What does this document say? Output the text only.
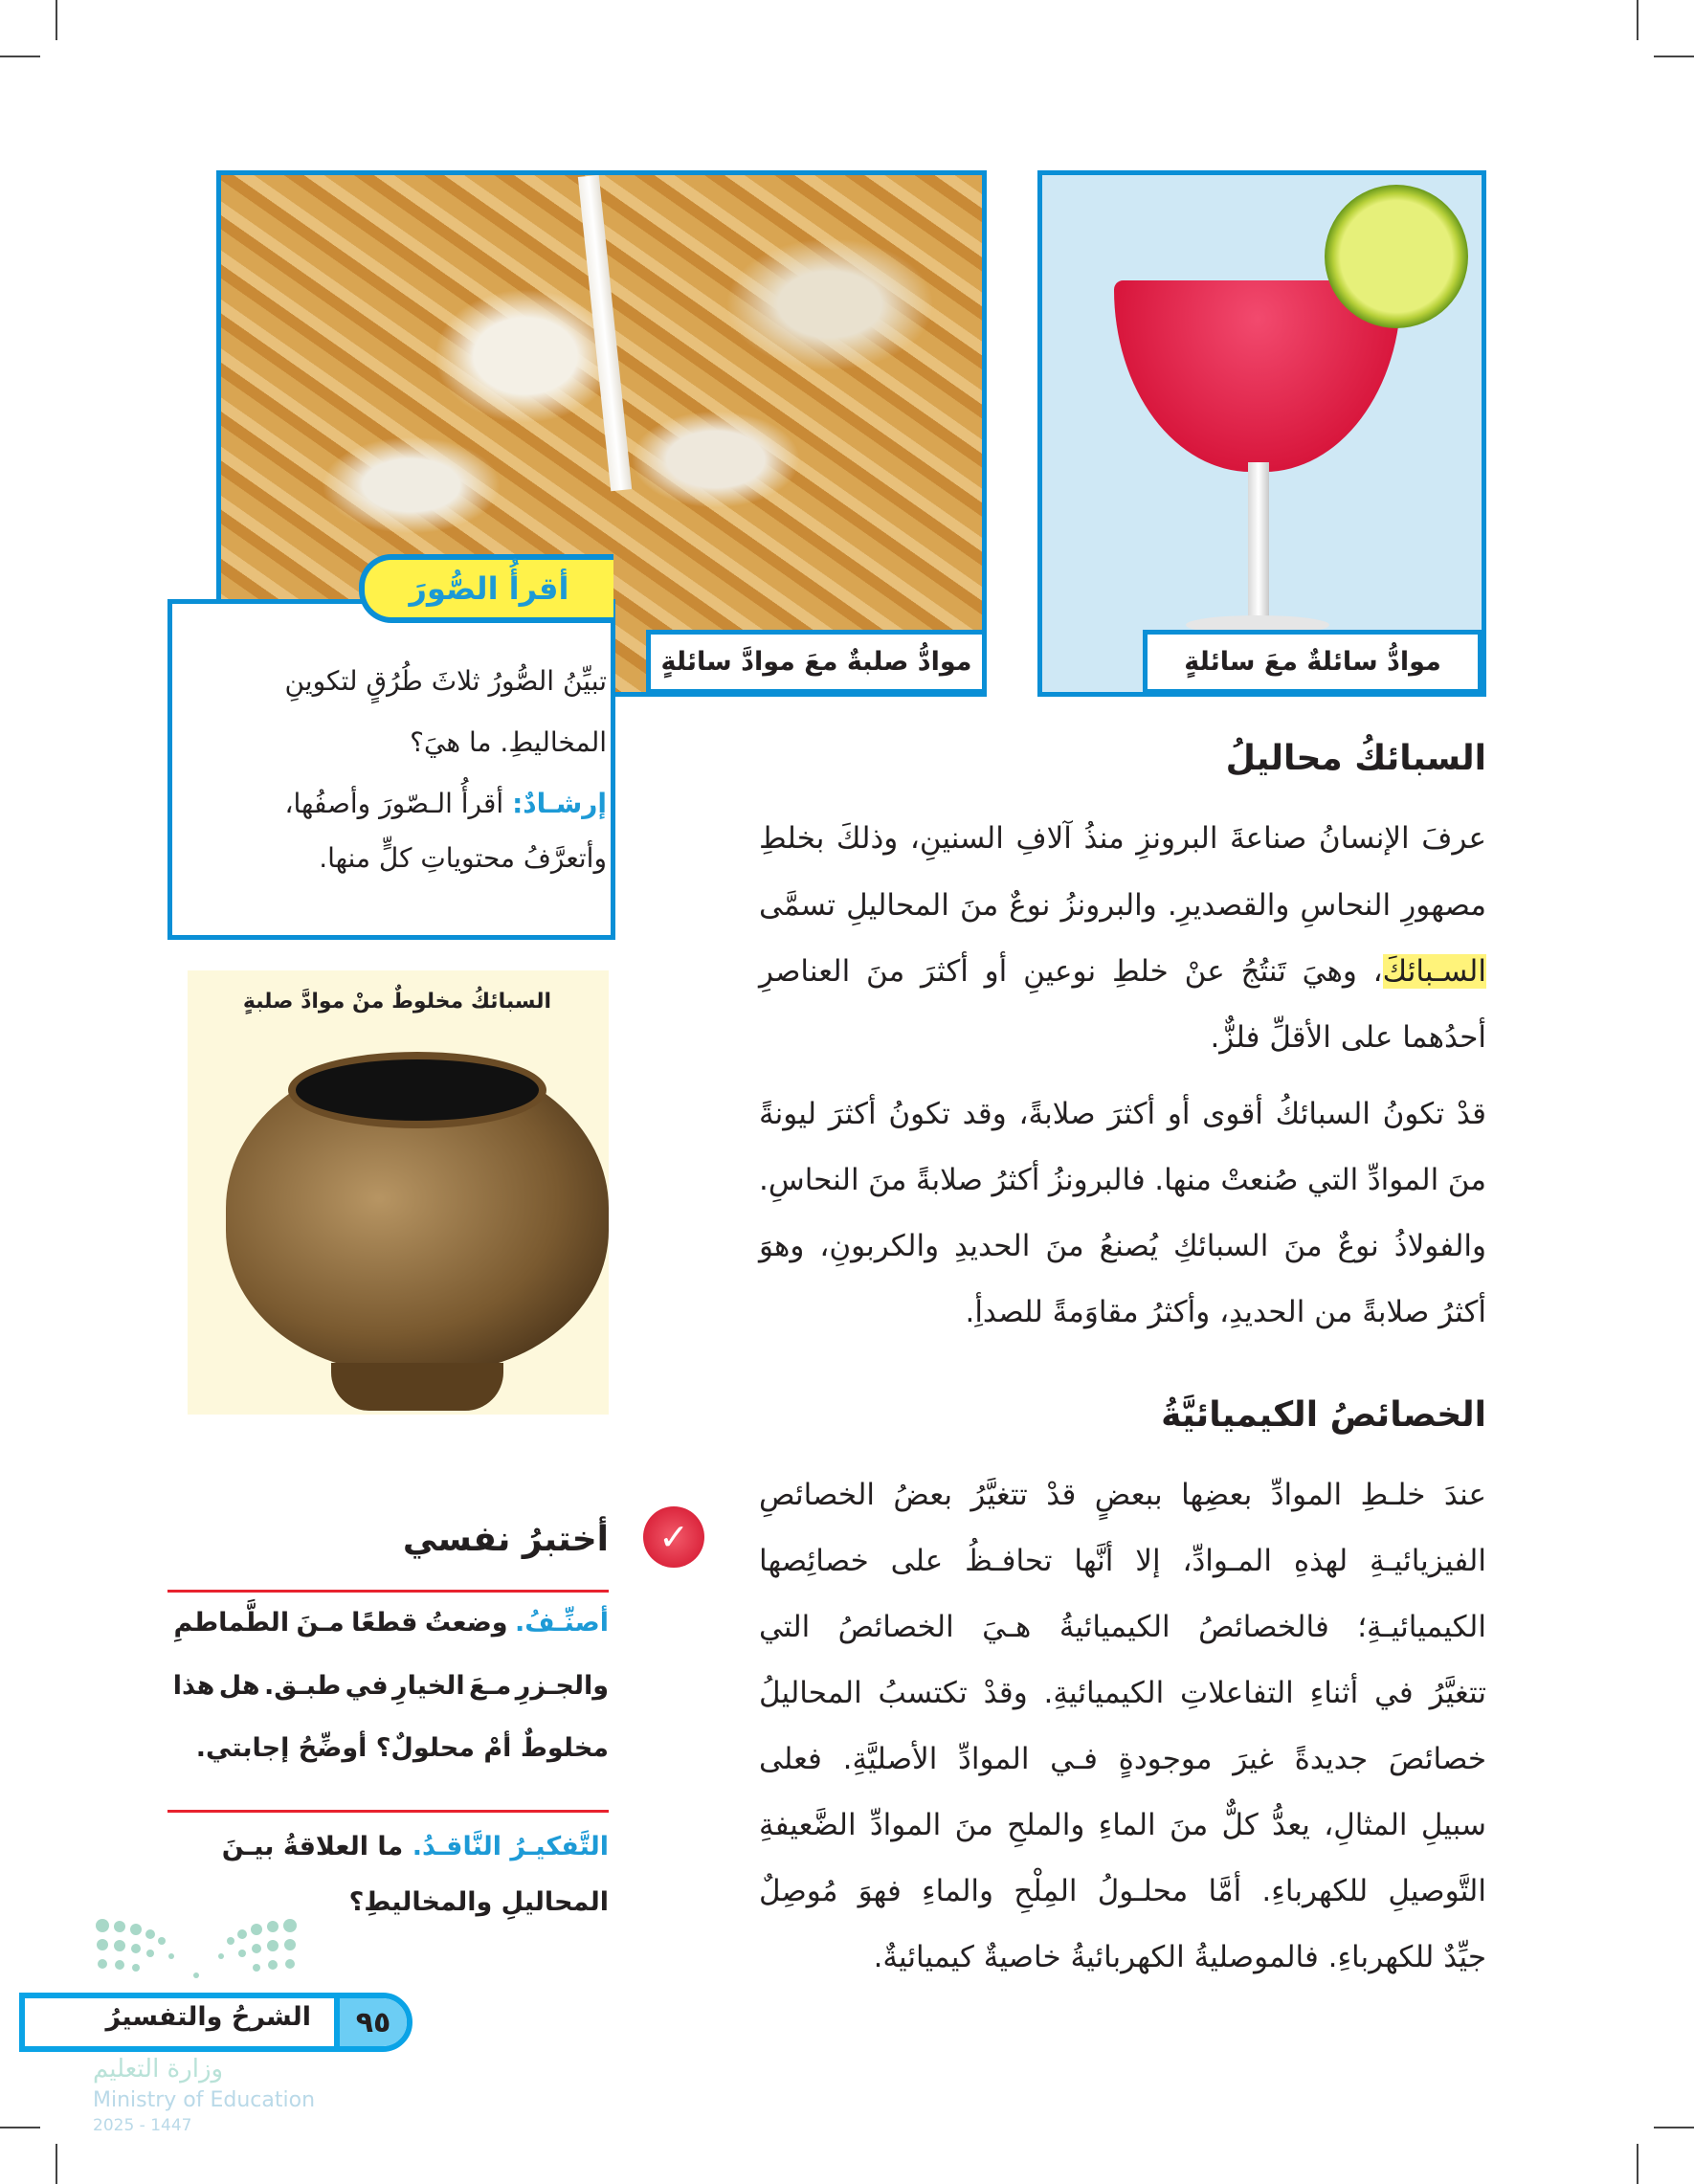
موادُّ صلبةٌ معَ موادَّ سائلةٍ	موادُّ سائلةٌ معَ سائلةٍ
أقرأُ الصُّورَ
تبيِّنُ الصُّورُ ثلاثَ طُرُقٍ لتكوينِ
المخاليطِ. ما هيَ؟
إرشـادٌ: أقرأُ الـصّورَ وأصفُها،
وأتعرَّفُ محتوياتِ كلٍّ منها.
السبائكُ مخلوطٌ منْ موادَّ صلبةٍ
السبائكُ محاليلُ
عرفَ الإنسانُ صناعةَ البرونزِ منذُ آلافِ السنينِ، وذلكَ بخلطِ
مصهورِ النحاسِ والقصديرِ. والبرونزُ نوعٌ منَ المحاليلِ تسمَّى
السـبائكَ، وهيَ تَنتُجُ عنْ خلطِ نوعينِ أو أكثرَ منَ العناصرِ
أحدُهما على الأقلِّ فلزٌّ.
قدْ تكونُ السبائكُ أقوى أو أكثرَ صلابةً، وقد تكونُ أكثرَ ليونةً
منَ الموادِّ التي صُنعتْ منها. فالبرونزُ أكثرُ صلابةً منَ النحاسِ.
والفولاذُ نوعٌ منَ السبائكِ يُصنعُ منَ الحديدِ والكربونِ، وهوَ
أكثرُ صلابةً من الحديدِ، وأكثرُ مقاوَمةً للصدأِ.
الخصائصُ الكيميائيَّةُ
عندَ خلـطِ الموادِّ بعضِها ببعضٍ قدْ تتغيَّرُ بعضُ الخصائصِ
الفيزيائيـةِ لهذهِ المـوادِّ، إلا أنَّها تحافـظُ على خصائِصها
الكيميائيـةِ؛ فالخصائصُ الكيميائيةُ هـيَ الخصائصُ التي
تتغيَّرُ في أثناءِ التفاعلاتِ الكيميائيةِ. وقدْ تكتسبُ المحاليلُ
خصائصَ جديدةً غيرَ موجودةٍ فـي الموادِّ الأصليَّةِ. فعلى
سبيلِ المثالِ، يعدُّ كلٌّ منَ الماءِ والملحِ منَ الموادِّ الضَّعيفةِ
التَّوصيلِ للكهرباءِ. أمَّا محلـولُ المِلْحِ والماءِ فهوَ مُوصِلٌ
جيِّدٌ للكهرباءِ. فالموصليةُ الكهربائيةُ خاصيةٌ كيميائيةٌ.
✓
أختبرُ نفسي
أصنِّـفُ. وضعتُ قطعًا مـنَ الطَّماطمِ
والجـزرِ مـعَ الخيارِ في طبـق. هل هذا
مخلوطٌ أمْ محلولٌ؟ أوضِّحُ إجابتي.
التَّفكيـرُ النَّاقـدُ. ما العلاقةُ بيـنَ
المحاليلِ والمخاليطِ؟
٩٥
الشرحُ والتفسيرُ
وزارة التعليم
Ministry of Education
2025 - 1447
